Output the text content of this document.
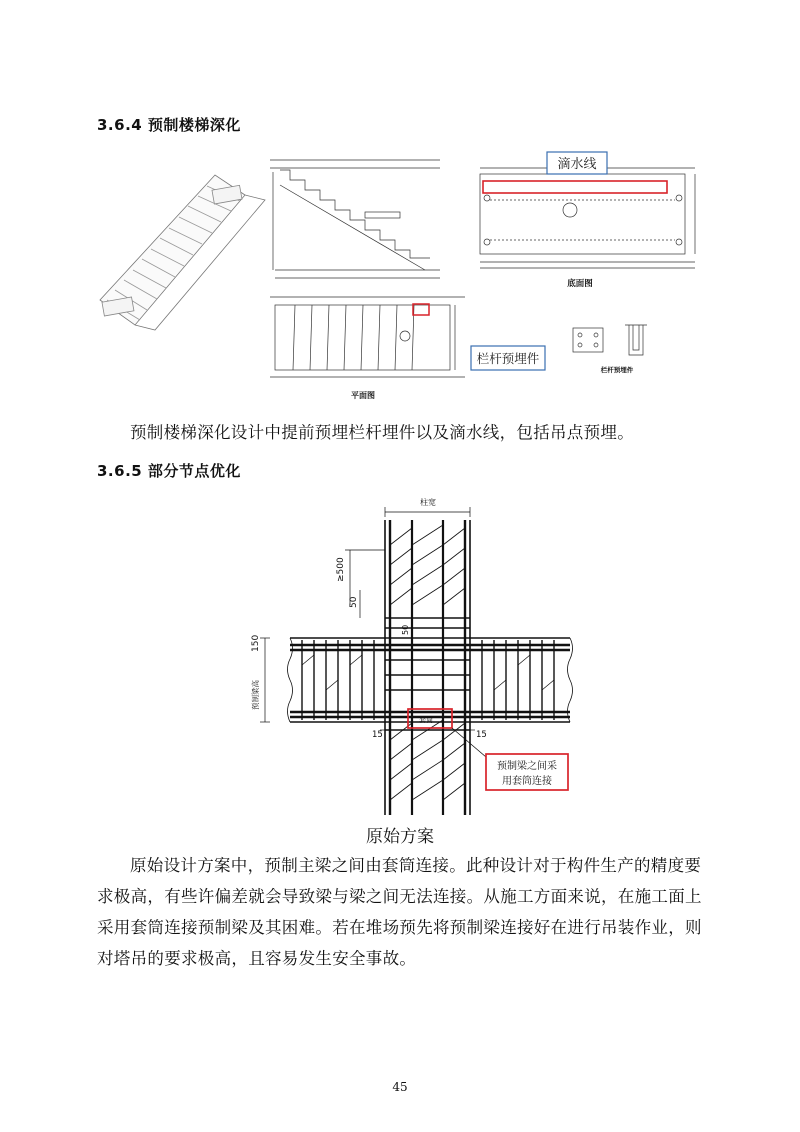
3.6.4 预制楼梯深化
滴水线
底面图
栏杆预埋件
平面图
栏杆预埋件
预制楼梯深化设计中提前预埋栏杆埋件以及滴水线，包括吊点预埋。
3.6.5 部分节点优化
柱宽
≥500
50
50
150
预制梁高
15	15
套筒
预制梁之间采
用套筒连接
原始方案
原始设计方案中，预制主梁之间由套筒连接。此种设计对于构件生产的精度要求极高，有些许偏差就会导致梁与梁之间无法连接。从施工方面来说，在施工面上采用套筒连接预制梁及其困难。若在堆场预先将预制梁连接好在进行吊装作业，则对塔吊的要求极高，且容易发生安全事故。
45
